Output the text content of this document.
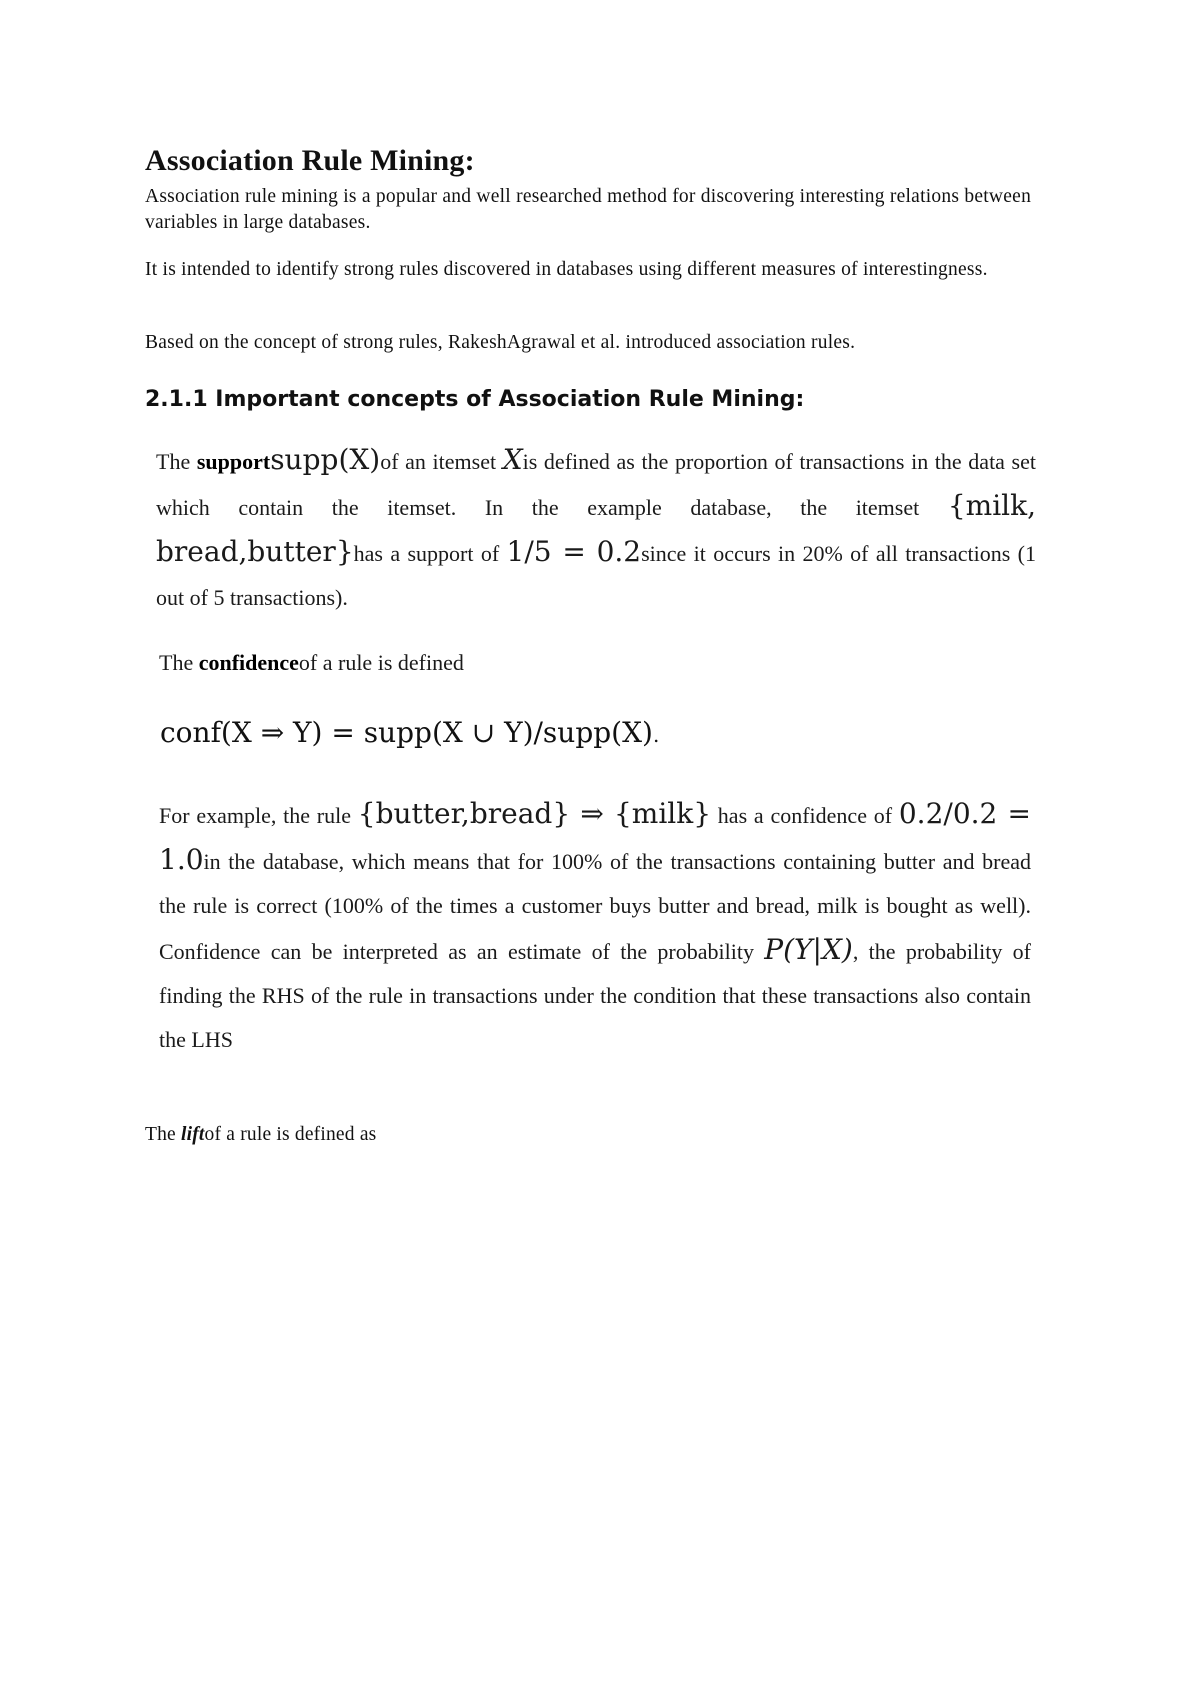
Association Rule Mining:

Association rule mining is a popular and well researched method for discovering interesting relations between variables in large databases.

It is intended to identify strong rules discovered in databases using different measures of interestingness.

Based on the concept of strong rules, RakeshAgrawal et al. introduced association rules.

2.1.1 Important concepts of Association Rule Mining:

The supportsupp(X)of an itemset Xis defined as the proportion of transactions in the data set which contain the itemset. In the example database, the itemset {milk, bread,butter}has a support of 1/5 = 0.2since it occurs in 20% of all transactions (1 out of 5 transactions).

The confidenceof a rule is defined

conf(X ⇒ Y) = supp(X ∪ Y)/supp(X).

For example, the rule {butter,bread} ⇒ {milk} has a confidence of 0.2/0.2 = 1.0in the database, which means that for 100% of the transactions containing butter and bread the rule is correct (100% of the times a customer buys butter and bread, milk is bought as well). Confidence can be interpreted as an estimate of the probability P(Y|X), the probability of finding the RHS of the rule in transactions under the condition that these transactions also contain the LHS

The liftof a rule is defined as
